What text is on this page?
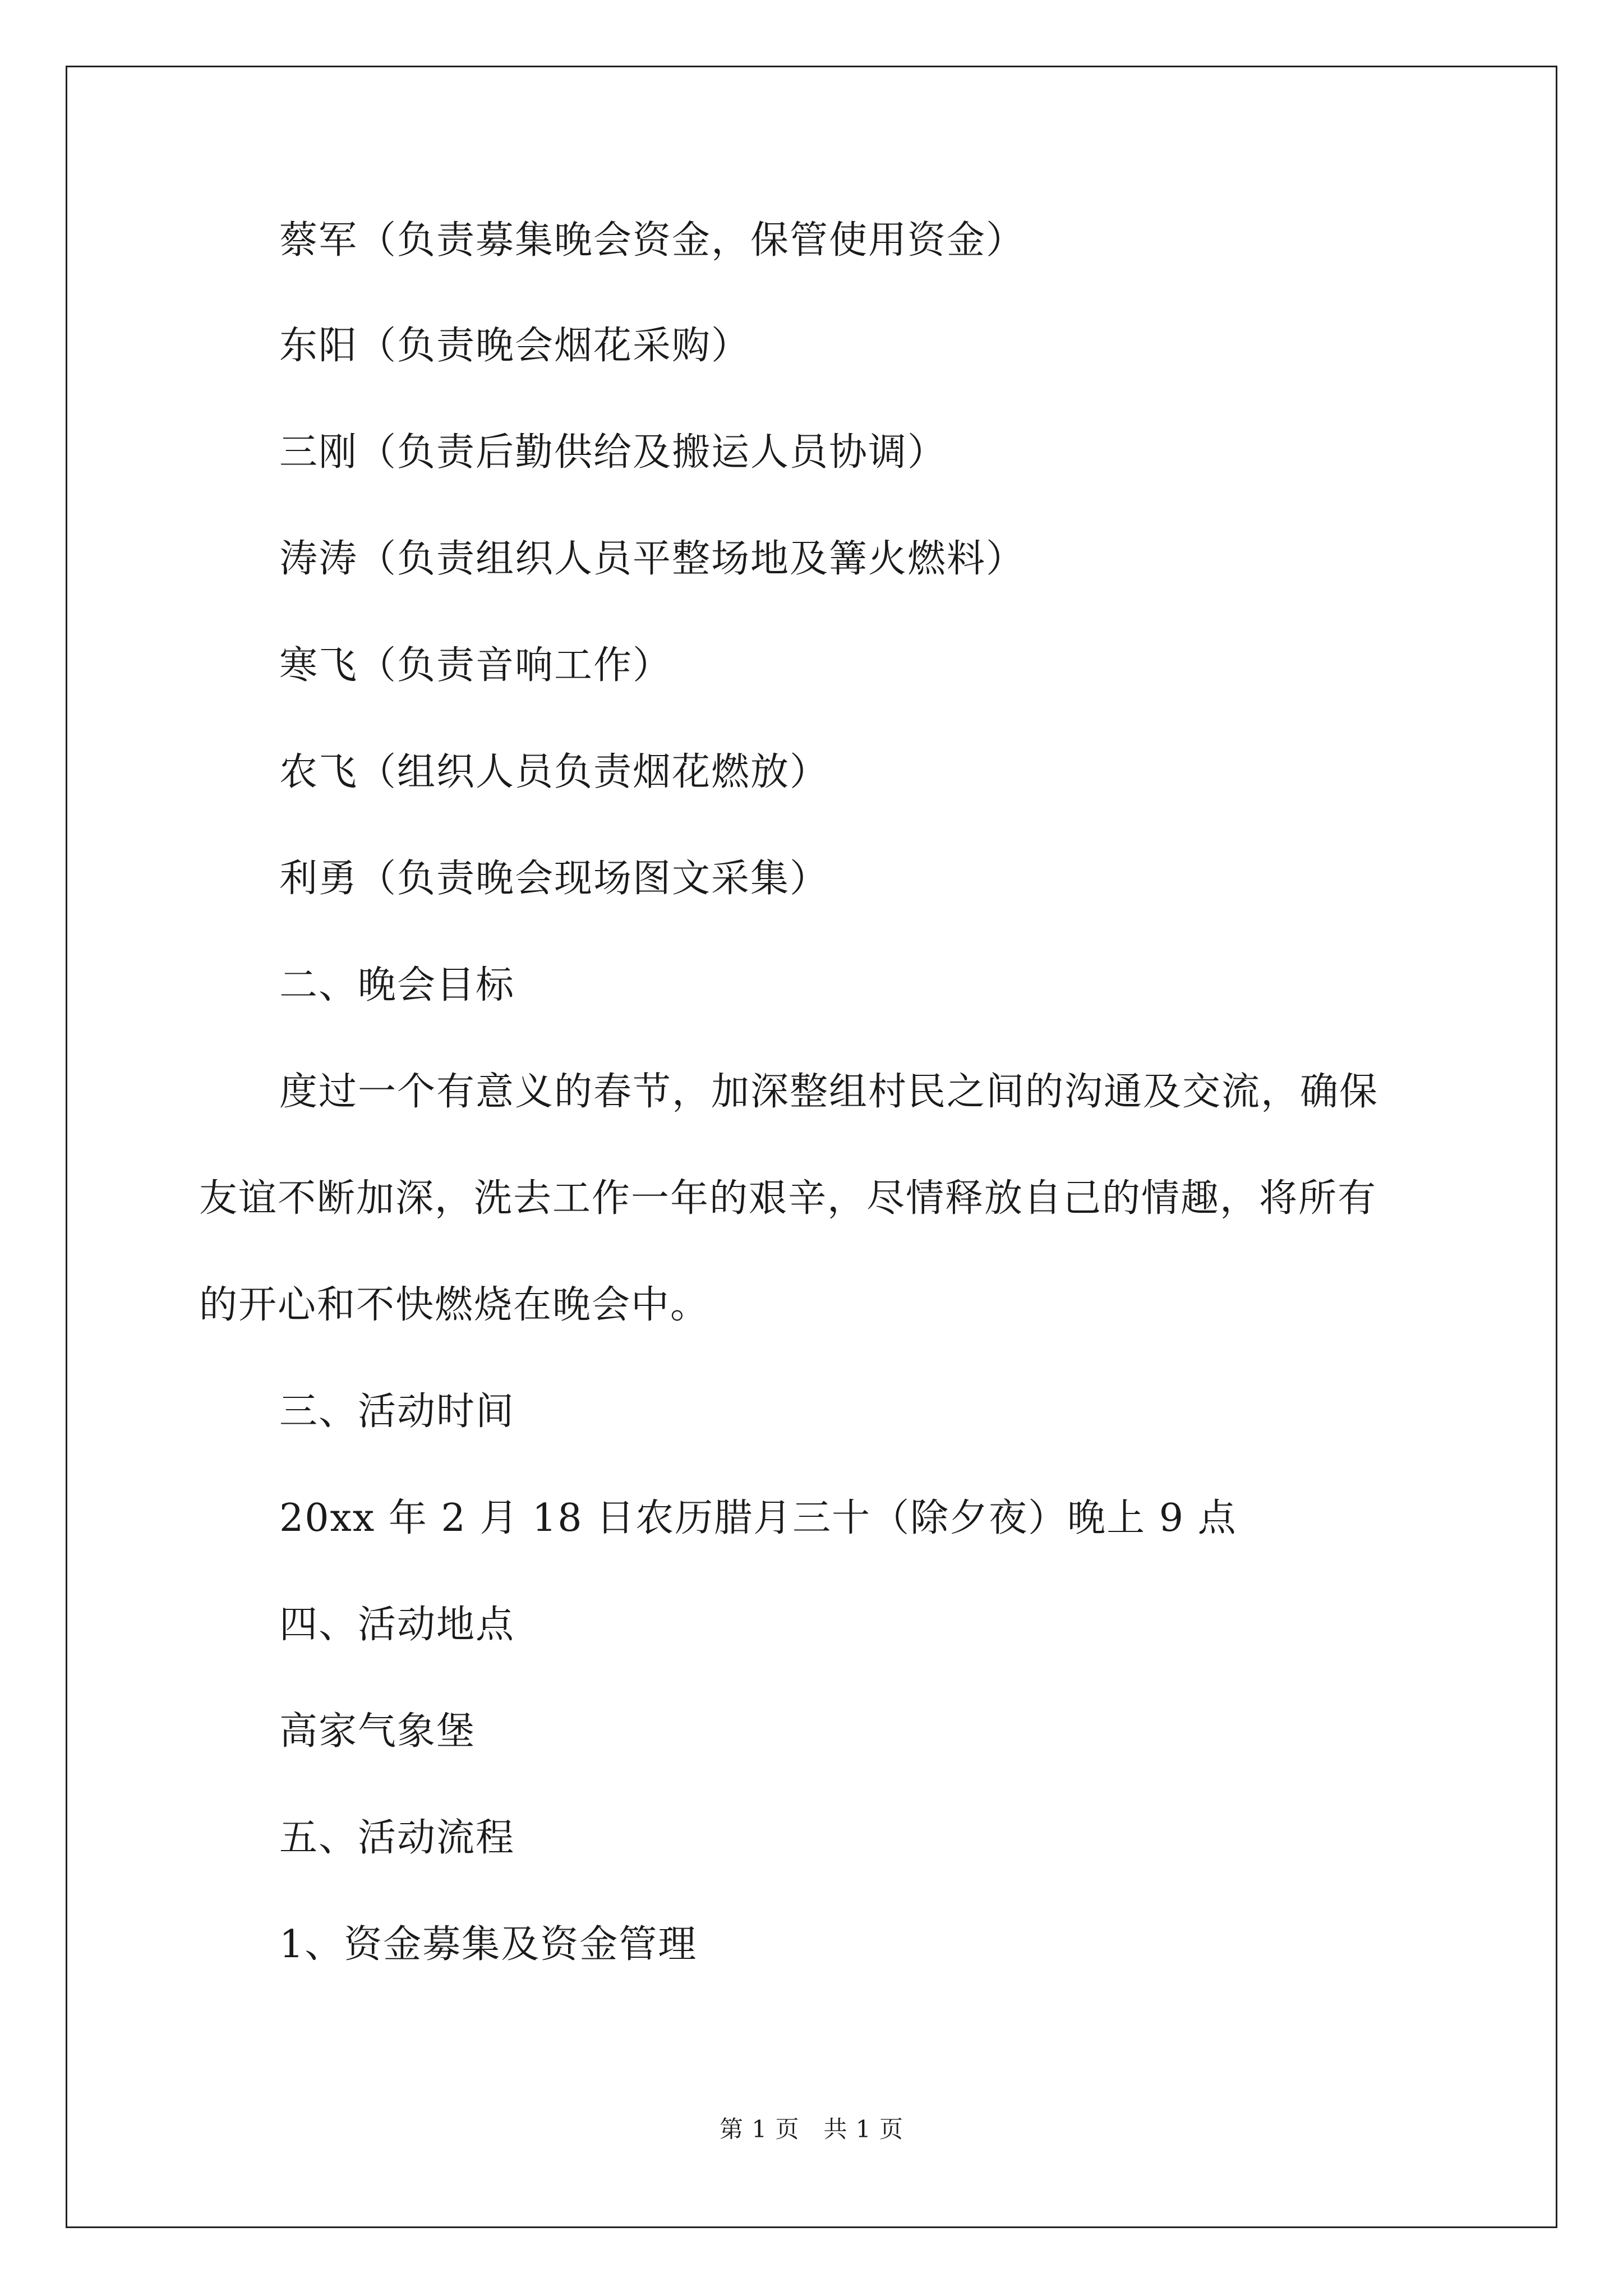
蔡军（负责募集晚会资金，保管使用资金）
东阳（负责晚会烟花采购）
三刚（负责后勤供给及搬运人员协调）
涛涛（负责组织人员平整场地及篝火燃料）
寒飞（负责音响工作）
农飞（组织人员负责烟花燃放）
利勇（负责晚会现场图文采集）
二、晚会目标
度过一个有意义的春节，加深整组村民之间的沟通及交流，确保
友谊不断加深，洗去工作一年的艰辛，尽情释放自己的情趣，将所有
的开心和不快燃烧在晚会中。
三、活动时间
20xx 年 2 月 18 日农历腊月三十（除夕夜）晚上 9 点
四、活动地点
高家气象堡
五、活动流程
1、资金募集及资金管理
第 1 页   共 1 页
